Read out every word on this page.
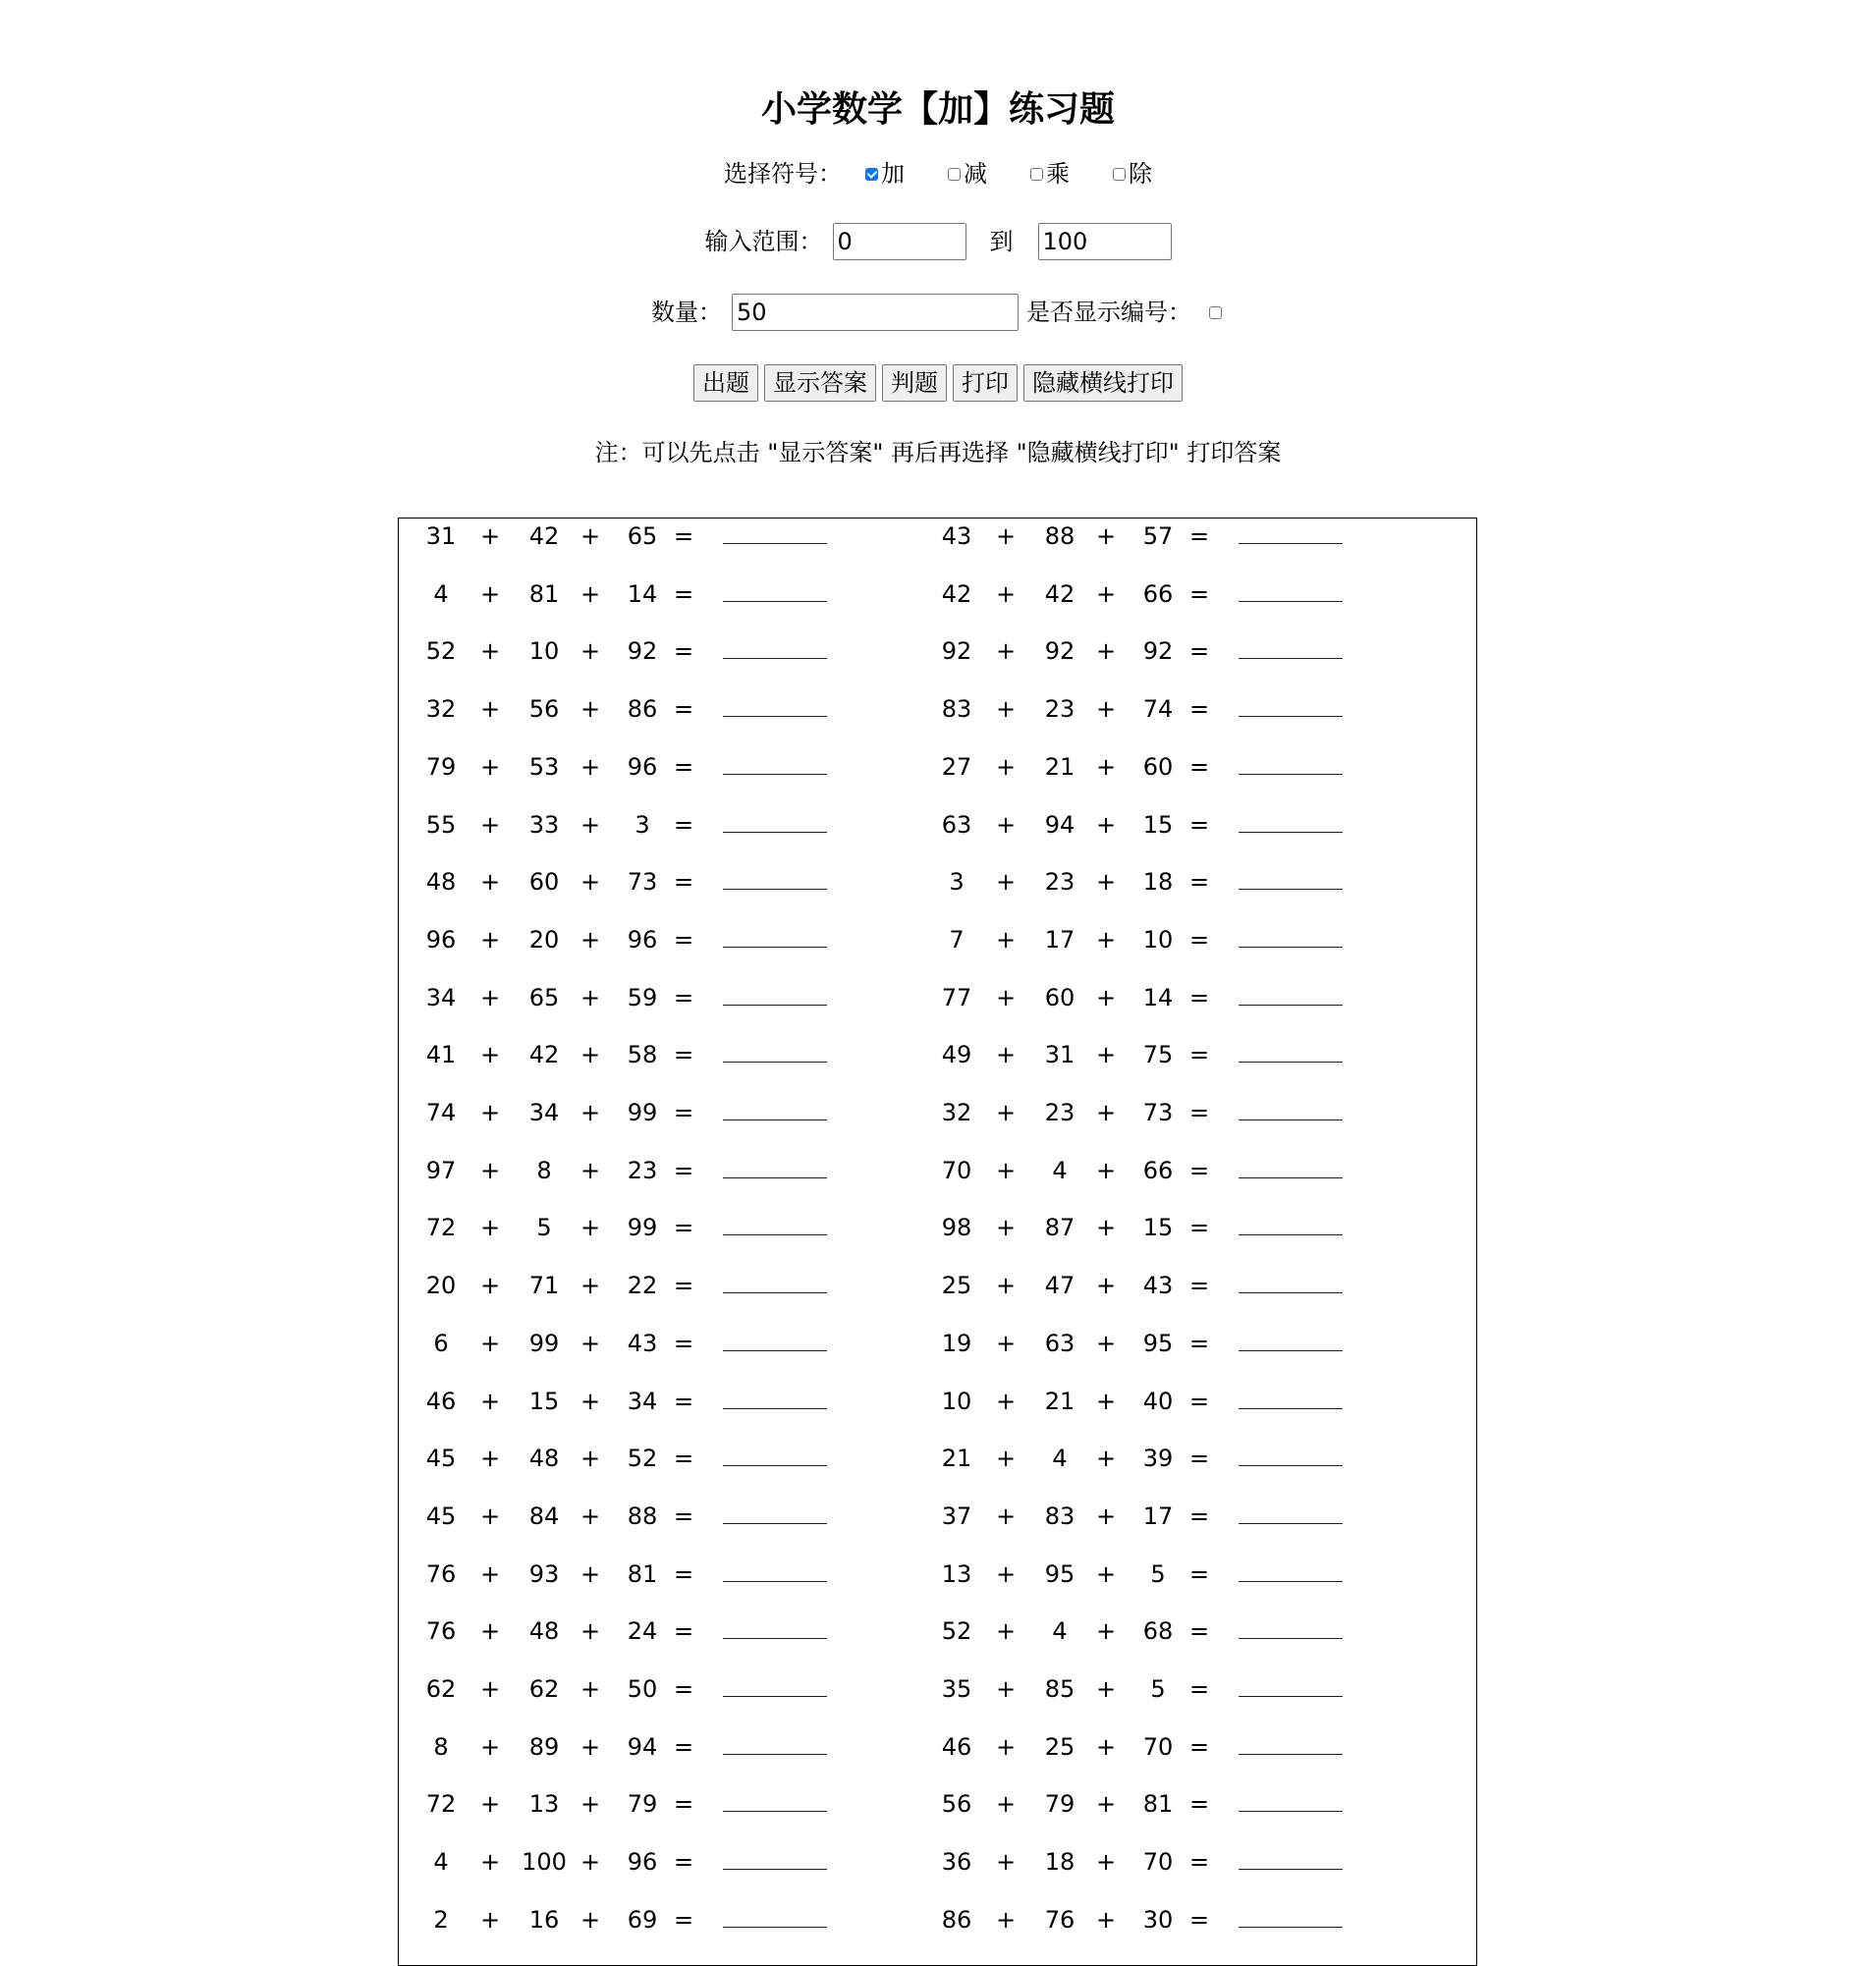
小学数学【加】练习题
选择符号： 加	减	乘	除
输入范围： 0	到 100
数量： 50	是否显示编号：
出题	显示答案	判题	打印	隐藏横线打印
注：可以先点击 "显示答案" 再后再选择 "隐藏横线打印" 打印答案
31	+	42 +	65 =
4	+	81 +	14 =
52	+	10 +	92 =
32	+	56 +	86 =
79	+	53 +	96 =
55	+	33 +	3	=
48	+	60 +	73 =
96	+	20 +	96 =
34	+	65 +	59 =
41	+	42 +	58 =
74	+	34 +	99 =
97	+	8	+	23 =
72	+	5	+	99 =
20	+	71 +	22 =
6	+	99 +	43 =
46	+	15 +	34 =
45	+	48 +	52 =
45	+	84 +	88 =
76	+	93 +	81 =
76	+	48 +	24 =
62	+	62 +	50 =
8	+	89 +	94 =
72	+	13 +	79 =
4	+ 100 +	96 =
2	+	16 +	69 =
43	+	88 +	57 =
42	+	42 +	66 =
92	+	92 +	92 =
83	+	23 +	74 =
27	+	21 +	60 =
63	+	94 +	15 =
3	+	23 +	18 =
7	+	17 +	10 =
77	+	60 +	14 =
49	+	31 +	75 =
32	+	23 +	73 =
70	+	4	+	66 =
98	+	87 +	15 =
25	+	47 +	43 =
19	+	63 +	95 =
10	+	21 +	40 =
21	+	4	+	39 =
37	+	83 +	17 =
13	+	95 +	5	=
52	+	4	+	68 =
35	+	85 +	5	=
46	+	25 +	70 =
56	+	79 +	81 =
36	+	18 +	70 =
86	+	76 +	30 =
